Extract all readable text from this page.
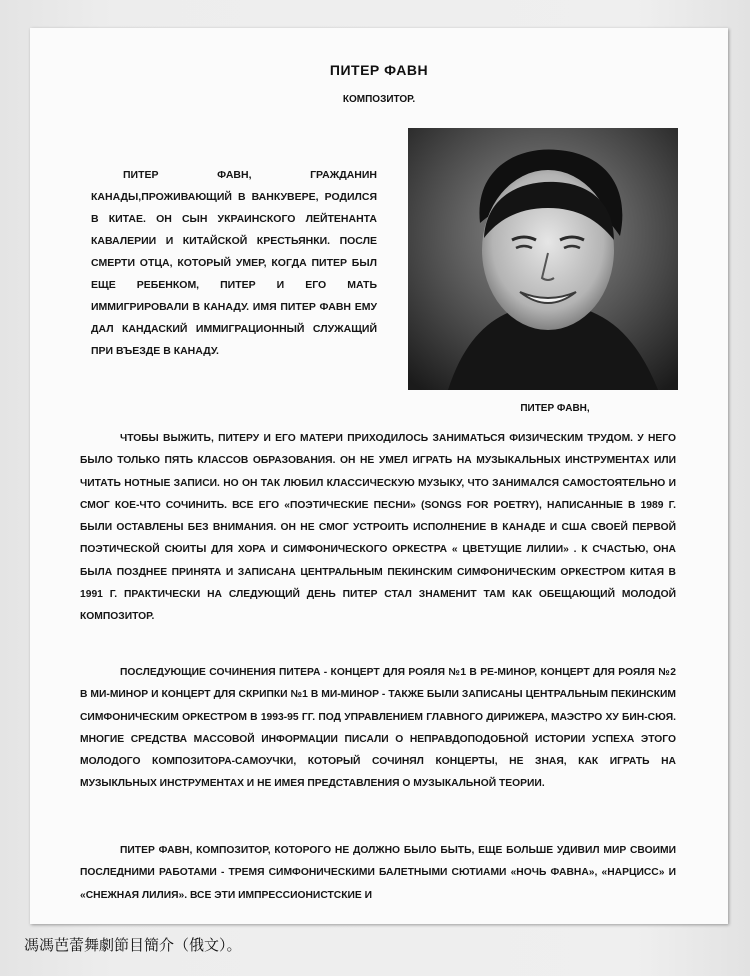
ПИТЕР ФАВН
КОМПОЗИТОР.

ПИТЕР ФАВН, ГРАЖДАНИН КАНАДЫ,ПРОЖИВАЮЩИЙ В ВАНКУВЕРЕ, РОДИЛСЯ В КИТАЕ. ОН СЫН УКРАИНСКОГО ЛЕЙТЕНАНТА КАВАЛЕРИИ И КИТАЙСКОЙ КРЕСТЬЯНКИ. ПОСЛЕ СМЕРТИ ОТЦА, КОТОРЫЙ УМЕР, КОГДА ПИТЕР БЫЛ ЕЩЕ РЕБЕНКОМ, ПИТЕР И ЕГО МАТЬ ИММИГРИРОВАЛИ В КАНАДУ. ИМЯ ПИТЕР ФАВН ЕМУ ДАЛ КАНДАСКИЙ ИММИГРАЦИОННЫЙ СЛУЖАЩИЙ ПРИ ВЪЕЗДЕ В КАНАДУ.

ПИТЕР ФАВН,

ЧТОБЫ ВЫЖИТЬ, ПИТЕРУ И ЕГО МАТЕРИ ПРИХОДИЛОСЬ ЗАНИМАТЬСЯ ФИЗИЧЕСКИМ ТРУДОМ. У НЕГО БЫЛО ТОЛЬКО ПЯТЬ КЛАССОВ ОБРАЗОВАНИЯ. ОН НЕ УМЕЛ ИГРАТЬ НА МУЗЫКАЛЬНЫХ ИНСТРУМЕНТАХ ИЛИ ЧИТАТЬ НОТНЫЕ ЗАПИСИ. НО ОН ТАК ЛЮБИЛ КЛАССИЧЕСКУЮ МУЗЫКУ, ЧТО ЗАНИМАЛСЯ САМОСТОЯТЕЛЬНО И СМОГ КОЕ-ЧТО СОЧИНИТЬ. ВСЕ ЕГО «ПОЭТИЧЕСКИЕ ПЕСНИ» (SONGS FOR POETRY), НАПИСАННЫЕ В 1989 Г. БЫЛИ ОСТАВЛЕНЫ БЕЗ ВНИМАНИЯ. ОН НЕ СМОГ УСТРОИТЬ ИСПОЛНЕНИЕ В КАНАДЕ И США СВОЕЙ ПЕРВОЙ ПОЭТИЧЕСКОЙ СЮИТЫ ДЛЯ ХОРА И СИМФОНИЧЕСКОГО ОРКЕСТРА « ЦВЕТУЩИЕ ЛИЛИИ» . К СЧАСТЬЮ, ОНА БЫЛА ПОЗДНЕЕ ПРИНЯТА И ЗАПИСАНА ЦЕНТРАЛЬНЫМ ПЕКИНСКИМ СИМФОНИЧЕСКИМ ОРКЕСТРОМ КИТАЯ В 1991 Г. ПРАКТИЧЕСКИ НА СЛЕДУЮЩИЙ ДЕНЬ ПИТЕР СТАЛ ЗНАМЕНИТ ТАМ КАК ОБЕЩАЮЩИЙ МОЛОДОЙ КОМПОЗИТОР.

ПОСЛЕДУЮЩИЕ СОЧИНЕНИЯ ПИТЕРА - КОНЦЕРТ ДЛЯ РОЯЛЯ №1 В РЕ-МИНОР, КОНЦЕРТ ДЛЯ РОЯЛЯ №2 В МИ-МИНОР И КОНЦЕРТ ДЛЯ СКРИПКИ №1 В МИ-МИНОР - ТАКЖЕ БЫЛИ ЗАПИСАНЫ ЦЕНТРАЛЬНЫМ ПЕКИНСКИМ СИМФОНИЧЕСКИМ ОРКЕСТРОМ В 1993-95 ГГ. ПОД УПРАВЛЕНИЕМ ГЛАВНОГО ДИРИЖЕРА, МАЭСТРО ХУ БИН-СЮЯ. МНОГИЕ СРЕДСТВА МАССОВОЙ ИНФОРМАЦИИ ПИСАЛИ О НЕПРАВДОПОДОБНОЙ ИСТОРИИ УСПЕХА ЭТОГО МОЛОДОГО КОМПОЗИТОРА-САМОУЧКИ, КОТОРЫЙ СОЧИНЯЛ КОНЦЕРТЫ, НЕ ЗНАЯ, КАК ИГРАТЬ НА МУЗЫКЛЬНЫХ ИНСТРУМЕНТАХ И НЕ ИМЕЯ ПРЕДСТАВЛЕНИЯ О МУЗЫКАЛЬНОЙ ТЕОРИИ.

ПИТЕР ФАВН, КОМПОЗИТОР, КОТОРОГО НЕ ДОЛЖНО БЫЛО БЫТЬ, ЕЩЕ БОЛЬШЕ УДИВИЛ МИР СВОИМИ ПОСЛЕДНИМИ РАБОТАМИ - ТРЕМЯ СИМФОНИЧЕСКИМИ БАЛЕТНЫМИ СЮТИАМИ «НОЧЬ ФАВНА», «НАРЦИСС» И «СНЕЖНАЯ ЛИЛИЯ». ВСЕ ЭТИ ИМПРЕССИОНИСТСКИЕ И

馮馮芭蕾舞劇節目簡介（俄文）。
